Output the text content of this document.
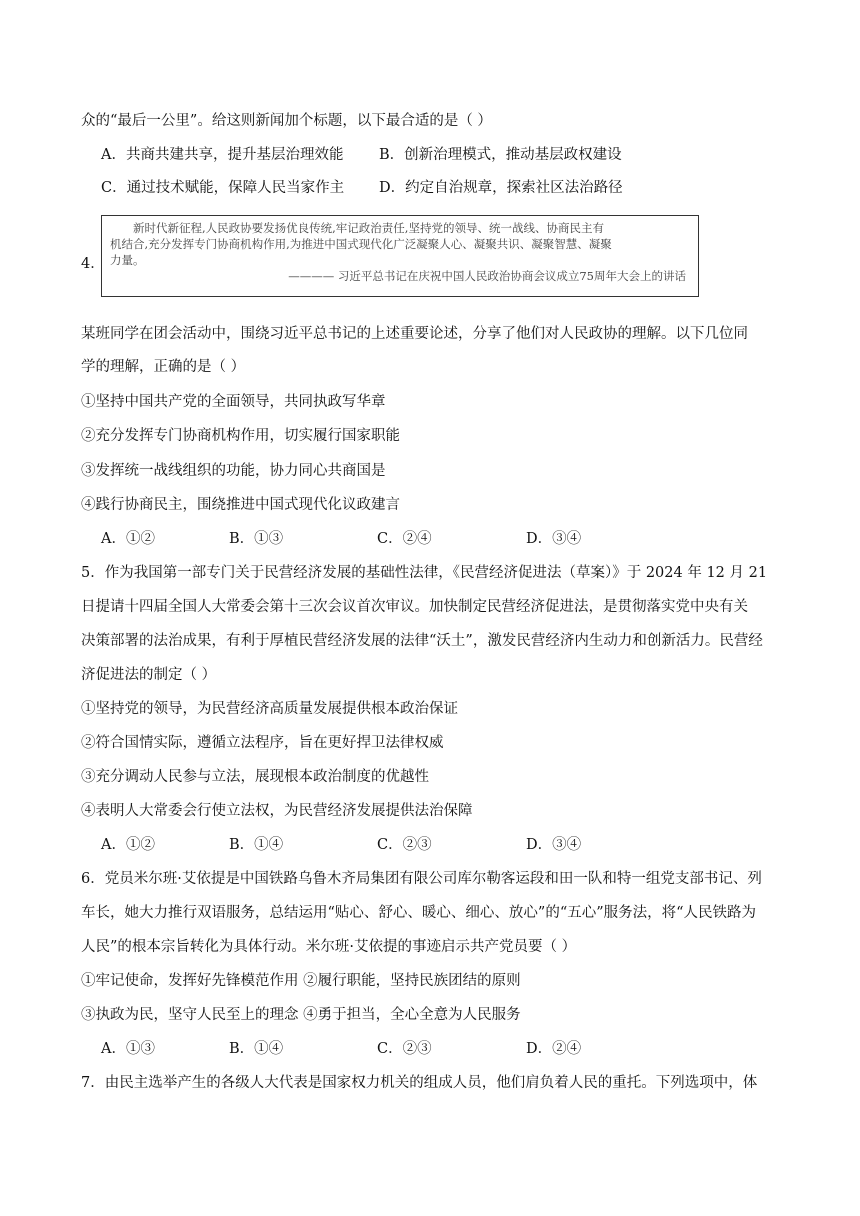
众的“最后一公里”。给这则新闻加个标题，以下最合适的是（ ）
A．共商共建共享，提升基层治理效能 B．创新治理模式，推动基层政权建设
C．通过技术赋能，保障人民当家作主 D．约定自治规章，探索社区法治路径
4．
新时代新征程,人民政协要发扬优良传统,牢记政治责任,坚持党的领导、统一战线、协商民主有
机结合,充分发挥专门协商机构作用,为推进中国式现代化广泛凝聚人心、凝聚共识、凝聚智慧、凝聚
力量。
———— 习近平总书记在庆祝中国人民政治协商会议成立75周年大会上的讲话
某班同学在团会活动中，围绕习近平总书记的上述重要论述，分享了他们对人民政协的理解。以下几位同
学的理解，正确的是（ ）
①坚持中国共产党的全面领导，共同执政写华章
②充分发挥专门协商机构作用，切实履行国家职能
③发挥统一战线组织的功能，协力同心共商国是
④践行协商民主，围绕推进中国式现代化议政建言
A．①②	B．①③	C．②④	D．③④
5．作为我国第一部专门关于民营经济发展的基础性法律，《民营经济促进法（草案）》于 2024 年 12 月 21
日提请十四届全国人大常委会第十三次会议首次审议。加快制定民营经济促进法，是贯彻落实党中央有关
决策部署的法治成果，有利于厚植民营经济发展的法律“沃土”，激发民营经济内生动力和创新活力。民营经
济促进法的制定（ ）
①坚持党的领导，为民营经济高质量发展提供根本政治保证
②符合国情实际，遵循立法程序，旨在更好捍卫法律权威
③充分调动人民参与立法，展现根本政治制度的优越性
④表明人大常委会行使立法权，为民营经济发展提供法治保障
A．①②	B．①④	C．②③	D．③④
6．党员米尔班·艾依提是中国铁路乌鲁木齐局集团有限公司库尔勒客运段和田一队和特一组党支部书记、列
车长，她大力推行双语服务，总结运用“贴心、舒心、暖心、细心、放心”的“五心”服务法，将“人民铁路为
人民”的根本宗旨转化为具体行动。米尔班·艾依提的事迹启示共产党员要（ ）
①牢记使命，发挥好先锋模范作用 ②履行职能，坚持民族团结的原则
③执政为民，坚守人民至上的理念 ④勇于担当，全心全意为人民服务
A．①③	B．①④	C．②③	D．②④
7．由民主选举产生的各级人大代表是国家权力机关的组成人员，他们肩负着人民的重托。下列选项中，体
